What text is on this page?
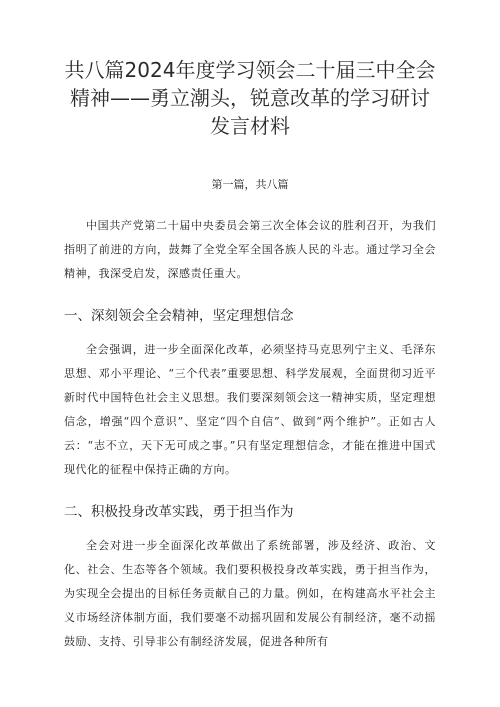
共八篇2024年度学习领会二十届三中全会
精神——勇立潮头，锐意改革的学习研讨
发言材料
第一篇，共八篇

中国共产党第二十届中央委员会第三次全体会议的胜利召开，为我们指明了前进的方向，鼓舞了全党全军全国各族人民的斗志。通过学习全会精神，我深受启发，深感责任重大。

一、深刻领会全会精神，坚定理想信念

全会强调，进一步全面深化改革，必须坚持马克思列宁主义、毛泽东思想、邓小平理论、“三个代表”重要思想、科学发展观，全面贯彻习近平新时代中国特色社会主义思想。我们要深刻领会这一精神实质，坚定理想信念，增强“四个意识”、坚定“四个自信”、做到“两个维护”。正如古人云：“志不立，天下无可成之事。”只有坚定理想信念，才能在推进中国式现代化的征程中保持正确的方向。

二、积极投身改革实践，勇于担当作为

全会对进一步全面深化改革做出了系统部署，涉及经济、政治、文化、社会、生态等各个领域。我们要积极投身改革实践，勇于担当作为，为实现全会提出的目标任务贡献自己的力量。例如，在构建高水平社会主义市场经济体制方面，我们要毫不动摇巩固和发展公有制经济，毫不动摇鼓励、支持、引导非公有制经济发展，促进各种所有
